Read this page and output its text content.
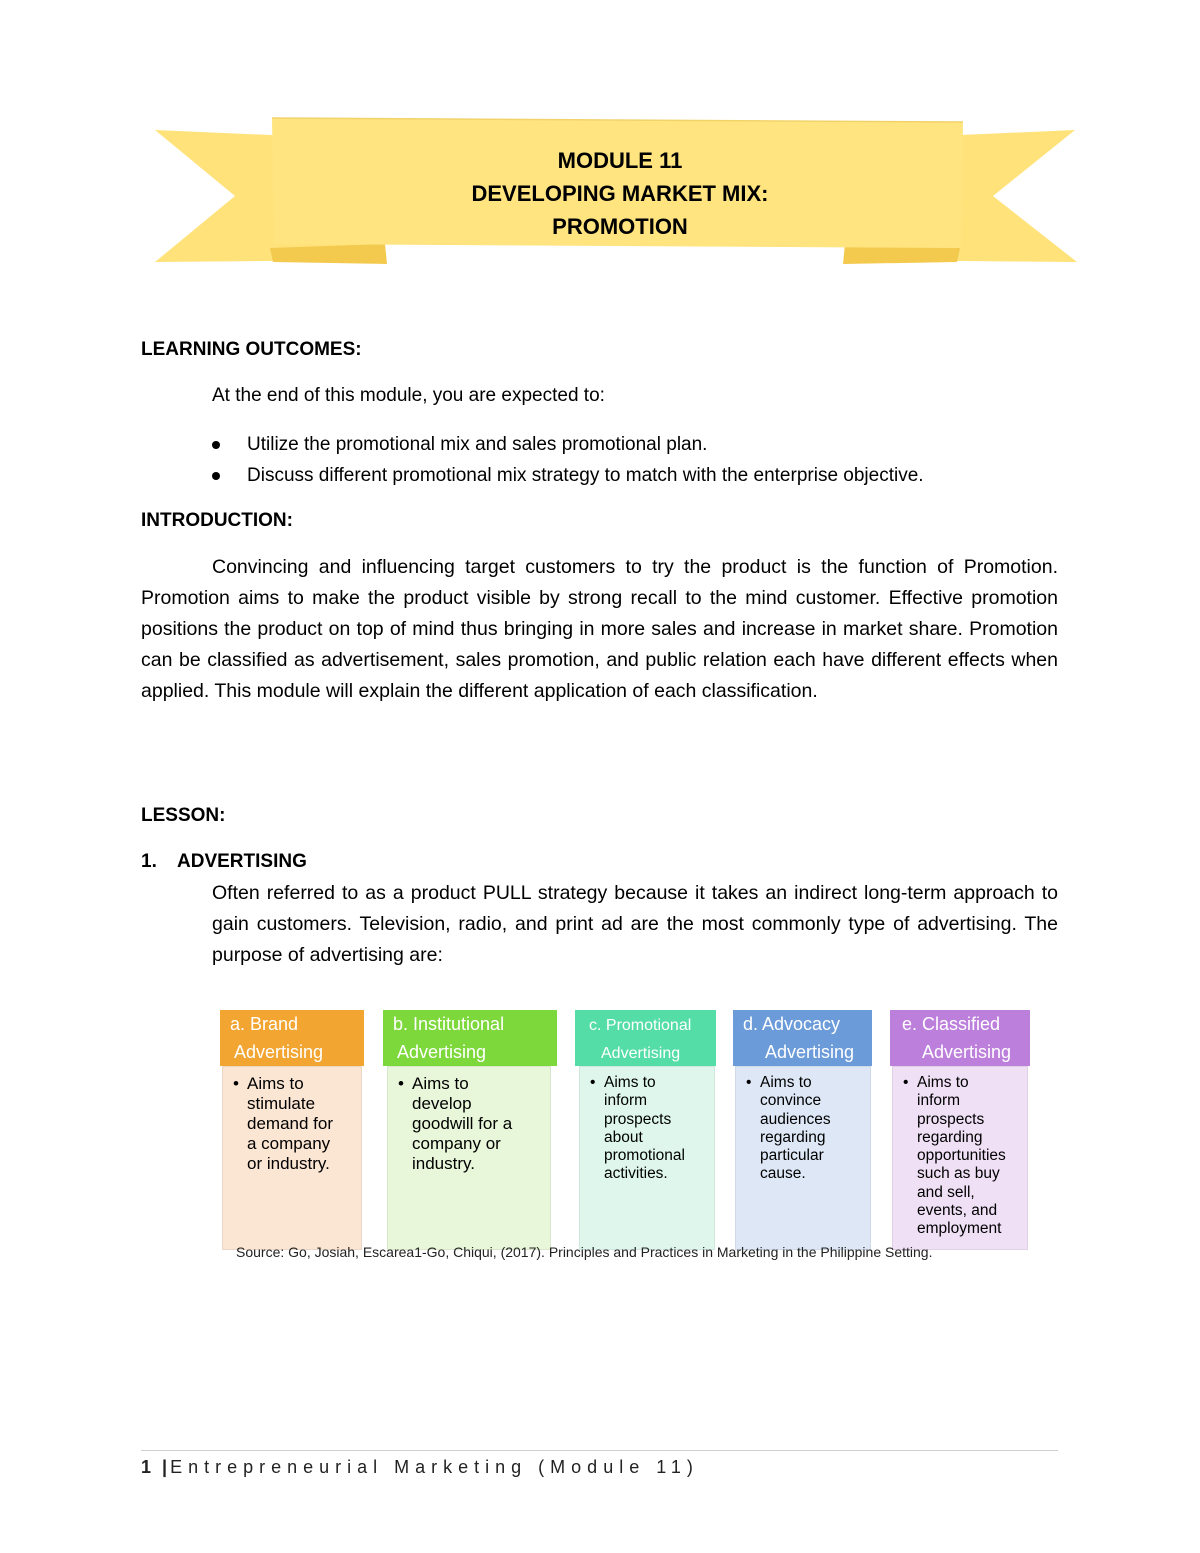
MODULE 11
DEVELOPING MARKET MIX:
PROMOTION
LEARNING OUTCOMES:
At the end of this module, you are expected to:
Utilize the promotional mix and sales promotional plan.
Discuss different promotional mix strategy to match with the enterprise objective.
INTRODUCTION:

Convincing and influencing target customers to try the product is the function of Promotion. Promotion aims to make the product visible by strong recall to the mind customer. Effective promotion positions the product on top of mind thus bringing in more sales and increase in market share. Promotion can be classified as advertisement, sales promotion, and public relation each have different effects when applied. This module will explain the different application of each classification.

LESSON:
1. ADVERTISING

Often referred to as a product PULL strategy because it takes an indirect long-term approach to gain customers. Television, radio, and print ad are the most commonly type of advertising. The purpose of advertising are:

a. Brand
Advertising
• Aims to
stimulate
demand for
a company
or industry.
b. Institutional
Advertising
• Aims to
develop
goodwill for a
company or
industry.
c. Promotional
Advertising
• Aims to
inform
prospects
about
promotional
activities.
d. Advocacy
Advertising
• Aims to
convince
audiences
regarding
particular
cause.
e. Classified
Advertising
• Aims to
inform
prospects
regarding
opportunities
such as buy
and sell,
events, and
employment
Source: Go, Josiah, Escarea1-Go, Chiqui, (2017). Principles and Practices in Marketing in the Philippine Setting.
1 | Entrepreneurial Marketing (Module 11)
